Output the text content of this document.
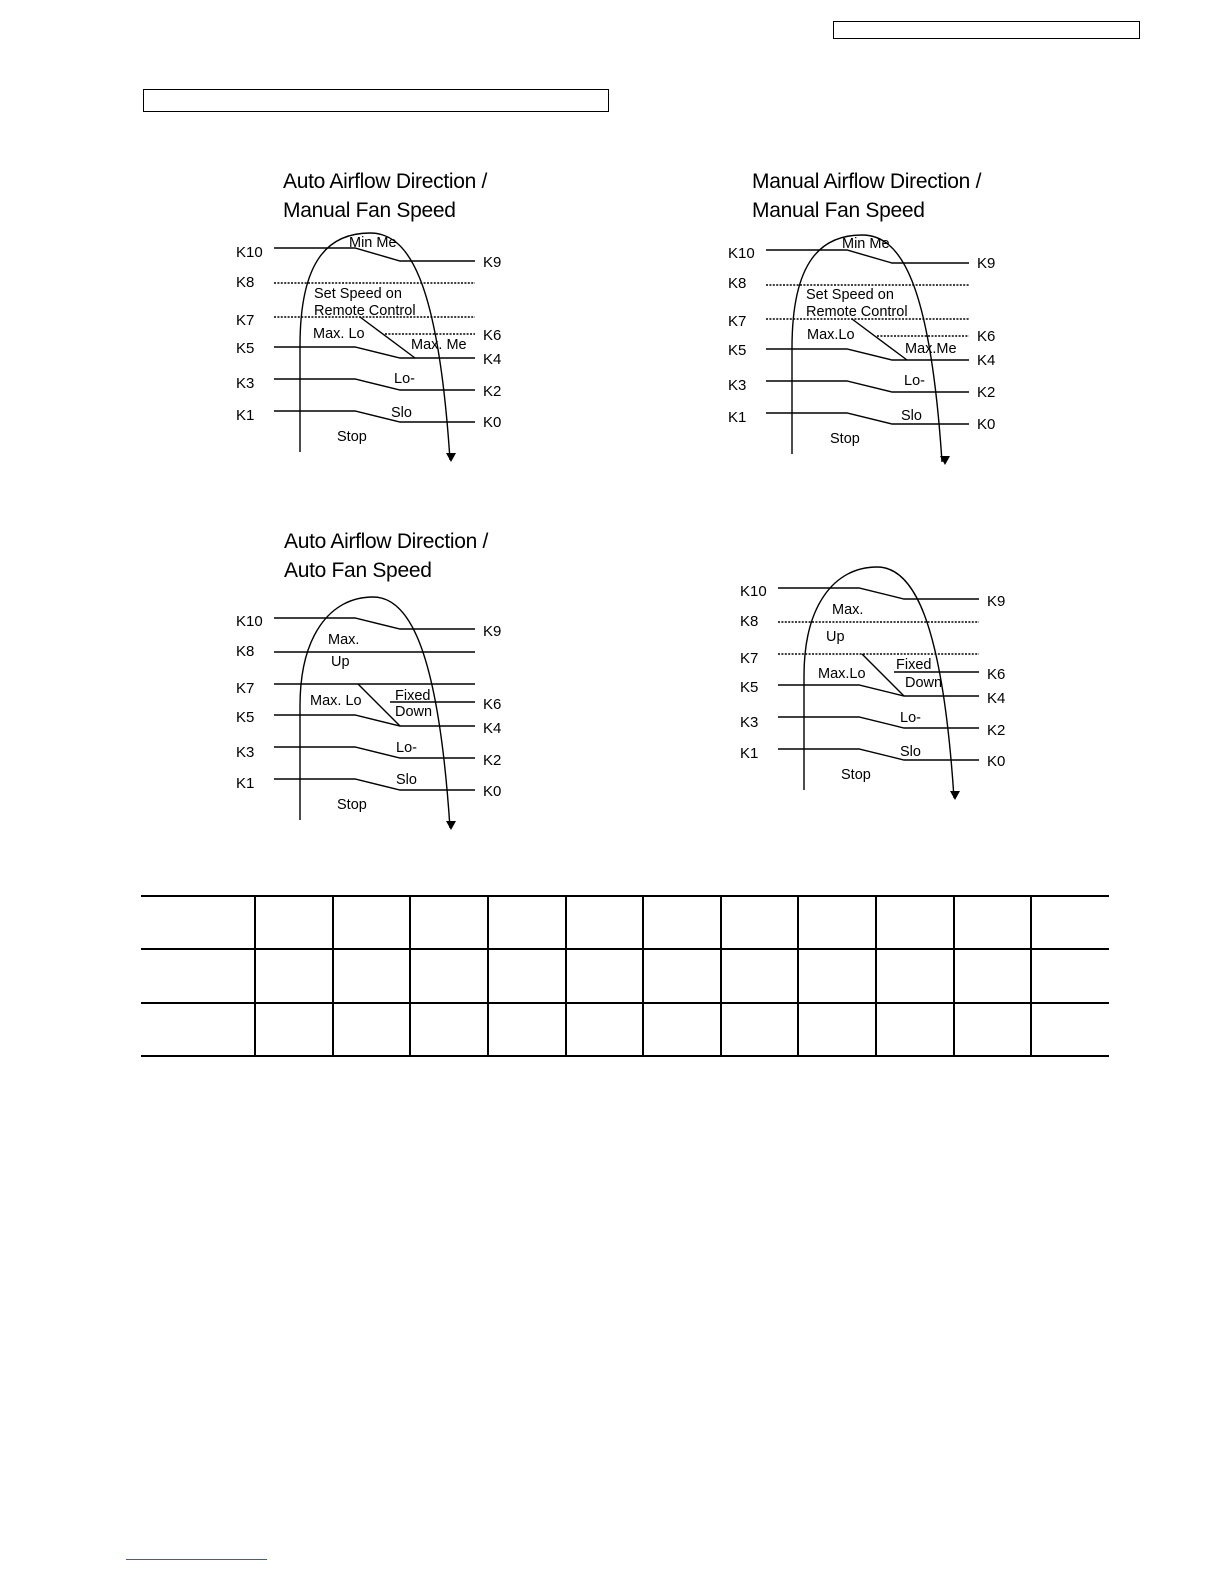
Auto Airflow Direction /
Manual Fan Speed
K10
K9
K8
K7
K6
K5
K4
K3	K2
K1	K0
Min Me
Set Speed on
Remote Control
Max. Lo
Max. Me
Lo-
Slo
Stop
Manual Airflow Direction /
Manual Fan Speed
K10
K9
K8
K7
K6
K5
K4
K3	K2
K1	K0
Min Me
Set Speed on
Remote Control
Max.Lo
Max.Me
Lo-
Slo
Stop
Auto Airflow Direction /
Auto Fan Speed
K10
K9
K8
K7
K6
K5
K4
K3	K2
K1	K0
Max.
Up
Max. Lo Fixed
Down
Lo-
Slo
Stop
K10
K9
K8
K7
K6
K5
K4
K3	K2
K1	K0
Max.
Up
Max.Lo
Fixed
Down
Lo-
Slo
Stop
